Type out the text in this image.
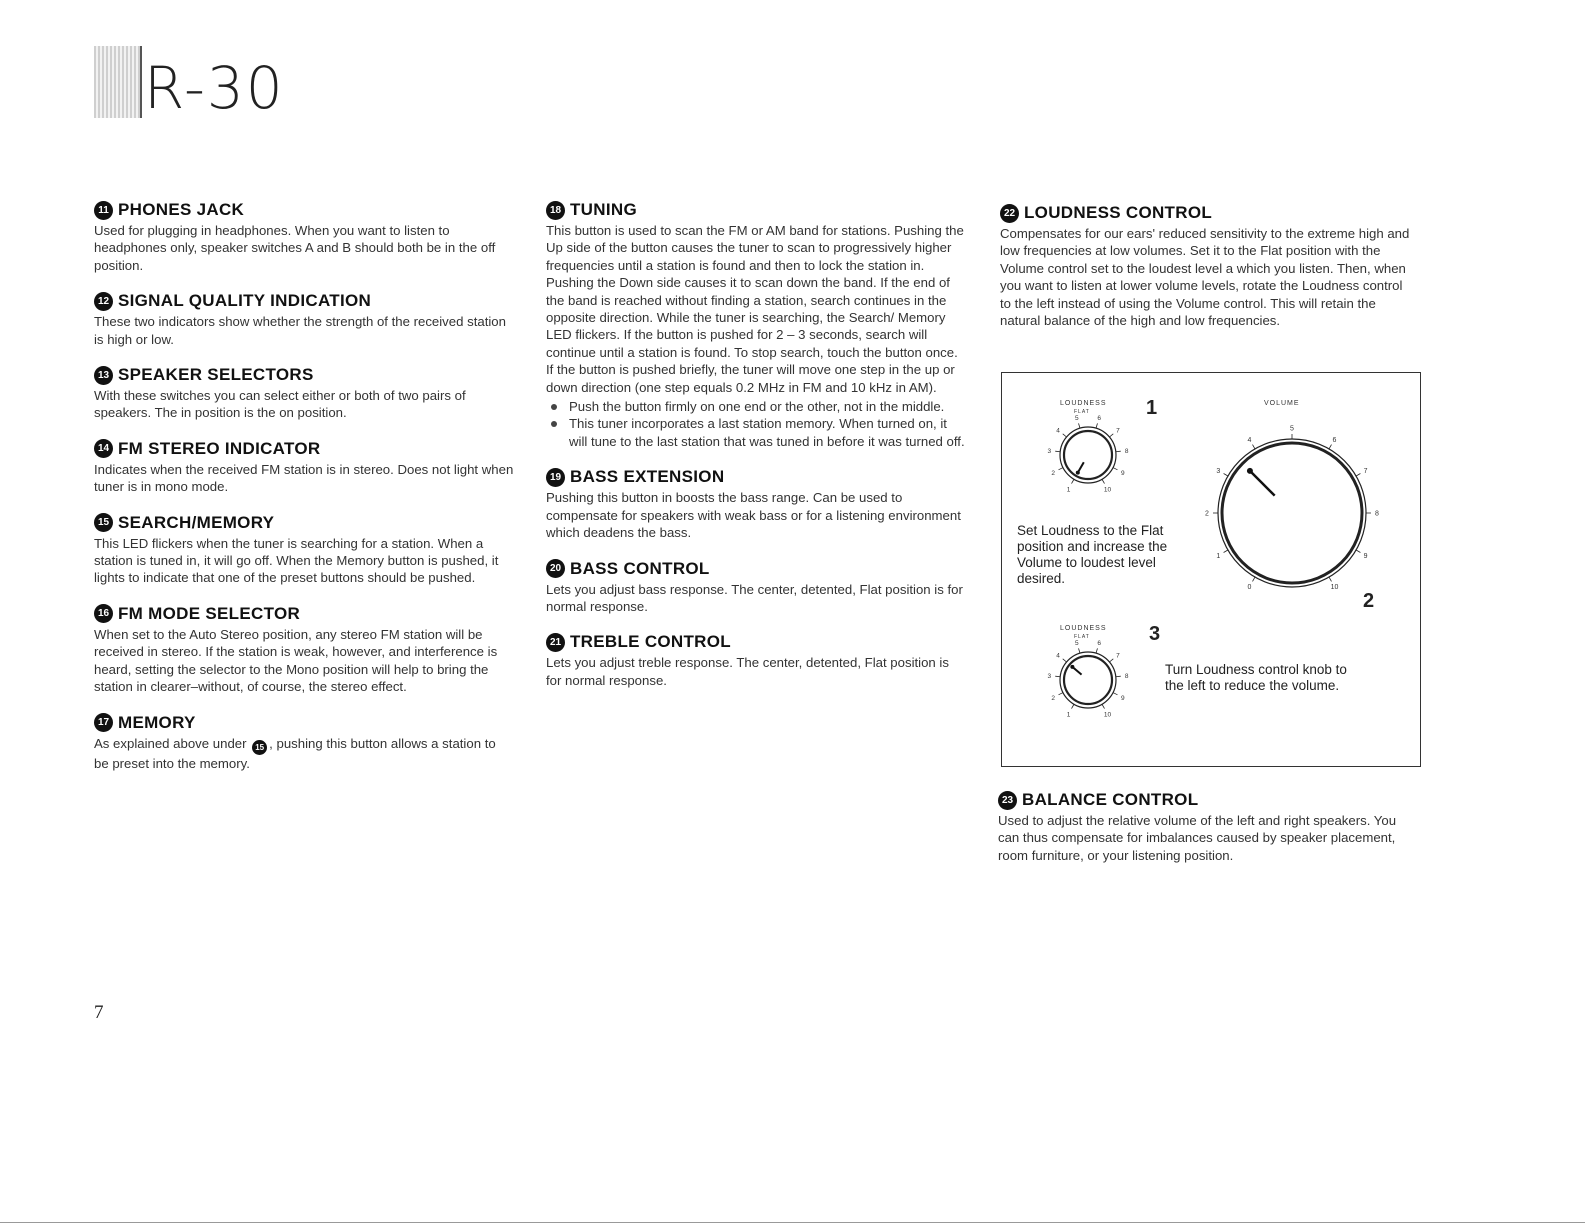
R-30
11 PHONES JACK

Used for plugging in headphones. When you want to listen to headphones only, speaker switches A and B should both be in the off position.

12 SIGNAL QUALITY INDICATION

These two indicators show whether the strength of the received station is high or low.

13 SPEAKER SELECTORS

With these switches you can select either or both of two pairs of speakers. The in position is the on position.

14 FM STEREO INDICATOR

Indicates when the received FM station is in stereo. Does not light when tuner is in mono mode.

15 SEARCH/MEMORY

This LED flickers when the tuner is searching for a station. When a station is tuned in, it will go off. When the Memory button is pushed, it lights to indicate that one of the preset buttons should be pushed.

16 FM MODE SELECTOR

When set to the Auto Stereo position, any stereo FM station will be received in stereo. If the station is weak, however, and interference is heard, setting the selector to the Mono position will help to bring the station in clearer–without, of course, the stereo effect.

17 MEMORY

As explained above under 15 , pushing this button allows a station to be preset into the memory.

18 TUNING

This button is used to scan the FM or AM band for stations. Pushing the Up side of the button causes the tuner to scan to progressively higher frequencies until a station is found and then to lock the station in. Pushing the Down side causes it to scan down the band. If the end of the band is reached without finding a station, search continues in the opposite direction. While the tuner is searching, the Search/ Memory LED flickers. If the button is pushed for 2 – 3 seconds, search will continue until a station is found. To stop search, touch the button once. If the button is pushed briefly, the tuner will move one step in the up or down direction (one step equals 0.2 MHz in FM and 10 kHz in AM).

Push the button firmly on one end or the other, not in the middle.
This tuner incorporates a last station memory. When turned on, it will tune to the last station that was tuned in before it was turned off.
19 BASS EXTENSION

Pushing this button in boosts the bass range. Can be used to compensate for speakers with weak bass or for a listening environment which deadens the bass.

20 BASS CONTROL

Lets you adjust bass response. The center, detented, Flat position is for normal response.

21 TREBLE CONTROL

Lets you adjust treble response. The center, detented, Flat position is for normal response.

22 LOUDNESS CONTROL

Compensates for our ears' reduced sensitivity to the extreme high and low frequencies at low volumes. Set it to the Flat position with the Volume control set to the loudest level a which you listen. Then, when you want to listen at lower volume levels, rotate the Loudness control to the left instead of using the Volume control. This will retain the natural balance of the high and low frequencies.

LOUDNESS
FLAT	1
1
2
3
4
5	6
7
8
9
10
VOLUME
0
1
2
3
4
5
6
7
8
9
10
2

Set Loudness to the Flat position and increase the Volume to loudest level desired.

LOUDNESS
FLAT	3
1
2
3
4
5	6
7
8
9
10

Turn Loudness control knob to the left to reduce the volume.

23 BALANCE CONTROL

Used to adjust the relative volume of the left and right speakers. You can thus compensate for imbalances caused by speaker placement, room furniture, or your listening position.

7
